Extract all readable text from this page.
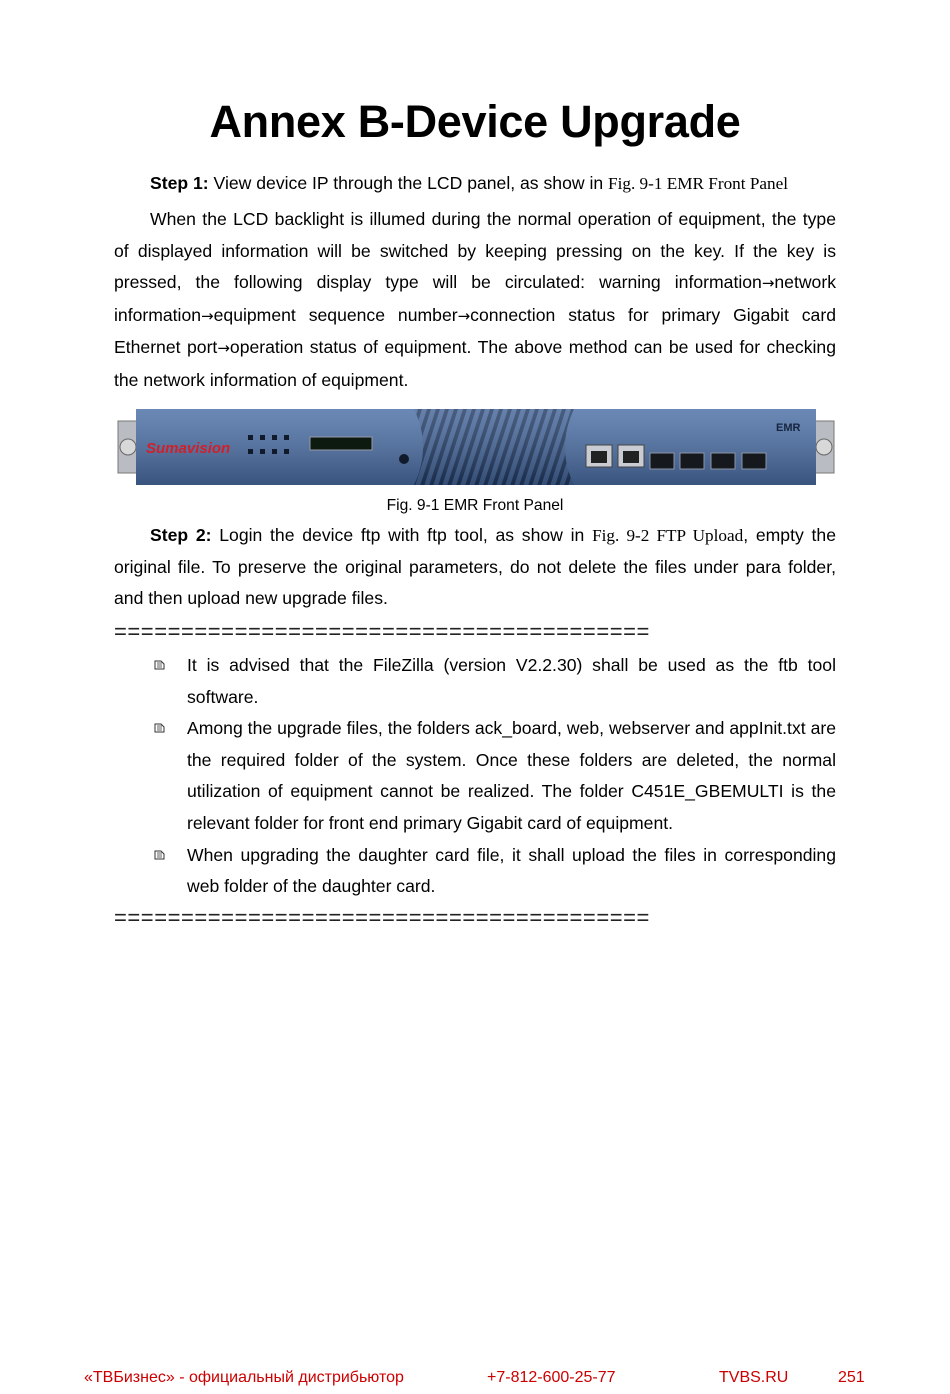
Annex B-Device Upgrade

Step 1: View device IP through the LCD panel, as show in Fig. 9-1 EMR Front Panel

When the LCD backlight is illumed during the normal operation of equipment, the type of displayed information will be switched by keeping pressing on the key. If the key is pressed, the following display type will be circulated: warning information→network information→equipment sequence number→connection status for primary Gigabit card Ethernet port→operation status of equipment. The above method can be used for checking the network information of equipment.

Sumavision
EMR
Fig. 9-1 EMR Front Panel

Step 2: Login the device ftp with ftp tool, as show in Fig. 9-2 FTP Upload, empty the original file. To preserve the original parameters, do not delete the files under para folder, and then upload new upgrade files.

========================================
It is advised that the FileZilla (version V2.2.30) shall be used as the ftb tool software.
Among the upgrade files, the folders ack_board, web, webserver and appInit.txt are the required folder of the system. Once these folders are deleted, the normal utilization of equipment cannot be realized. The folder C451E_GBEMULTI is the relevant folder for front end primary Gigabit card of equipment.
When upgrading the daughter card file, it shall upload the files in corresponding web folder of the daughter card.
========================================
«ТВБизнес» - официальный дистрибьютор	+7-812-600-25-77	TVBS.RU	251
